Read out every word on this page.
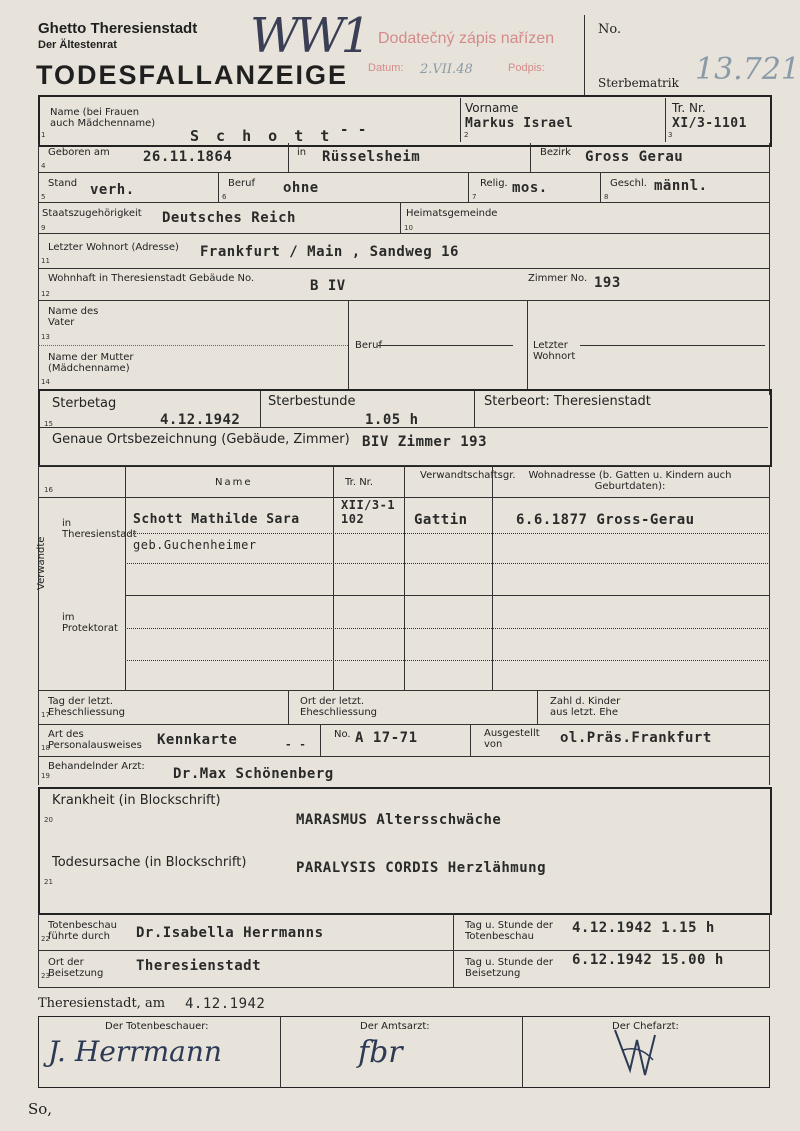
Ghetto Theresienstadt
Der Ältestenrat
TODESFALLANZEIGE
WW1 Dodatečný zápis nařízen
Datum: 2.VII.48	Podpis:
No.
Sterbematrik 13.721
Name (bei Frauen auch Mädchenname)
S c h o t t - -
Vorname
Markus Israel
Tr. Nr.
XI/3-1101
1	2	3
Geboren am 26.11.1864	in Rüsselsheim	Bezirk Gross Gerau
4
Stand verh.	Beruf ohne	Relig. mos.	Geschl. männl.
5	6	7	8
Staatszugehörigkeit Deutsches Reich	Heimatsgemeinde
9	10
Letzter Wohnort (Adresse) Frankfurt / Main , Sandweg 16
11
Wohnhaft in Theresienstadt Gebäude No.	B IV	Zimmer No. 193
12
Name des Vater
13
Name der Mutter (Mädchenname)
14
Beruf	Letzter Wohnort
Sterbetag
4.12.1942
15
Sterbestunde
1.05 h
Sterbeort: Theresienstadt
Genaue Ortsbezeichnung (Gebäude, Zimmer) BIV Zimmer 193
16
Name	Tr. Nr.
Verwandtschaftsgr.	Wohnadresse (b. Gatten u. Kindern auch Geburtdaten):
in Theresienstadt
Verwandte
im Protektorat
Schott Mathilde Sara
geb.Guchenheimer
XII/3-1102	Gattin	6.6.1877 Gross-Gerau
Tag der letzt. Eheschliessung
17
Ort der letzt. Eheschliessung
Zahl d. Kinder aus letzt. Ehe
Art des Personalausweises
18	Kennkarte	- -
No. A 17-71	Ausgestellt von	ol.Präs.Frankfurt
Behandelnder Arzt:
19	Dr.Max Schönenberg
Krankheit (in Blockschrift)
20	MARASMUS Altersschwäche
Todesursache (in Blockschrift)
21
PARALYSIS CORDIS Herzlähmung
Totenbeschau führte durch
22	Dr.Isabella Herrmanns	Tag u. Stunde der Totenbeschau
4.12.1942 1.15 h
Ort der Beisetzung
23
Theresienstadt	Tag u. Stunde der Beisetzung
6.12.1942 15.00 h
Theresienstadt, am 4.12.1942
Der Totenbeschauer:	Der Amtsarzt:	Der Chefarzt:
J. Herrmann	fbr
So,
